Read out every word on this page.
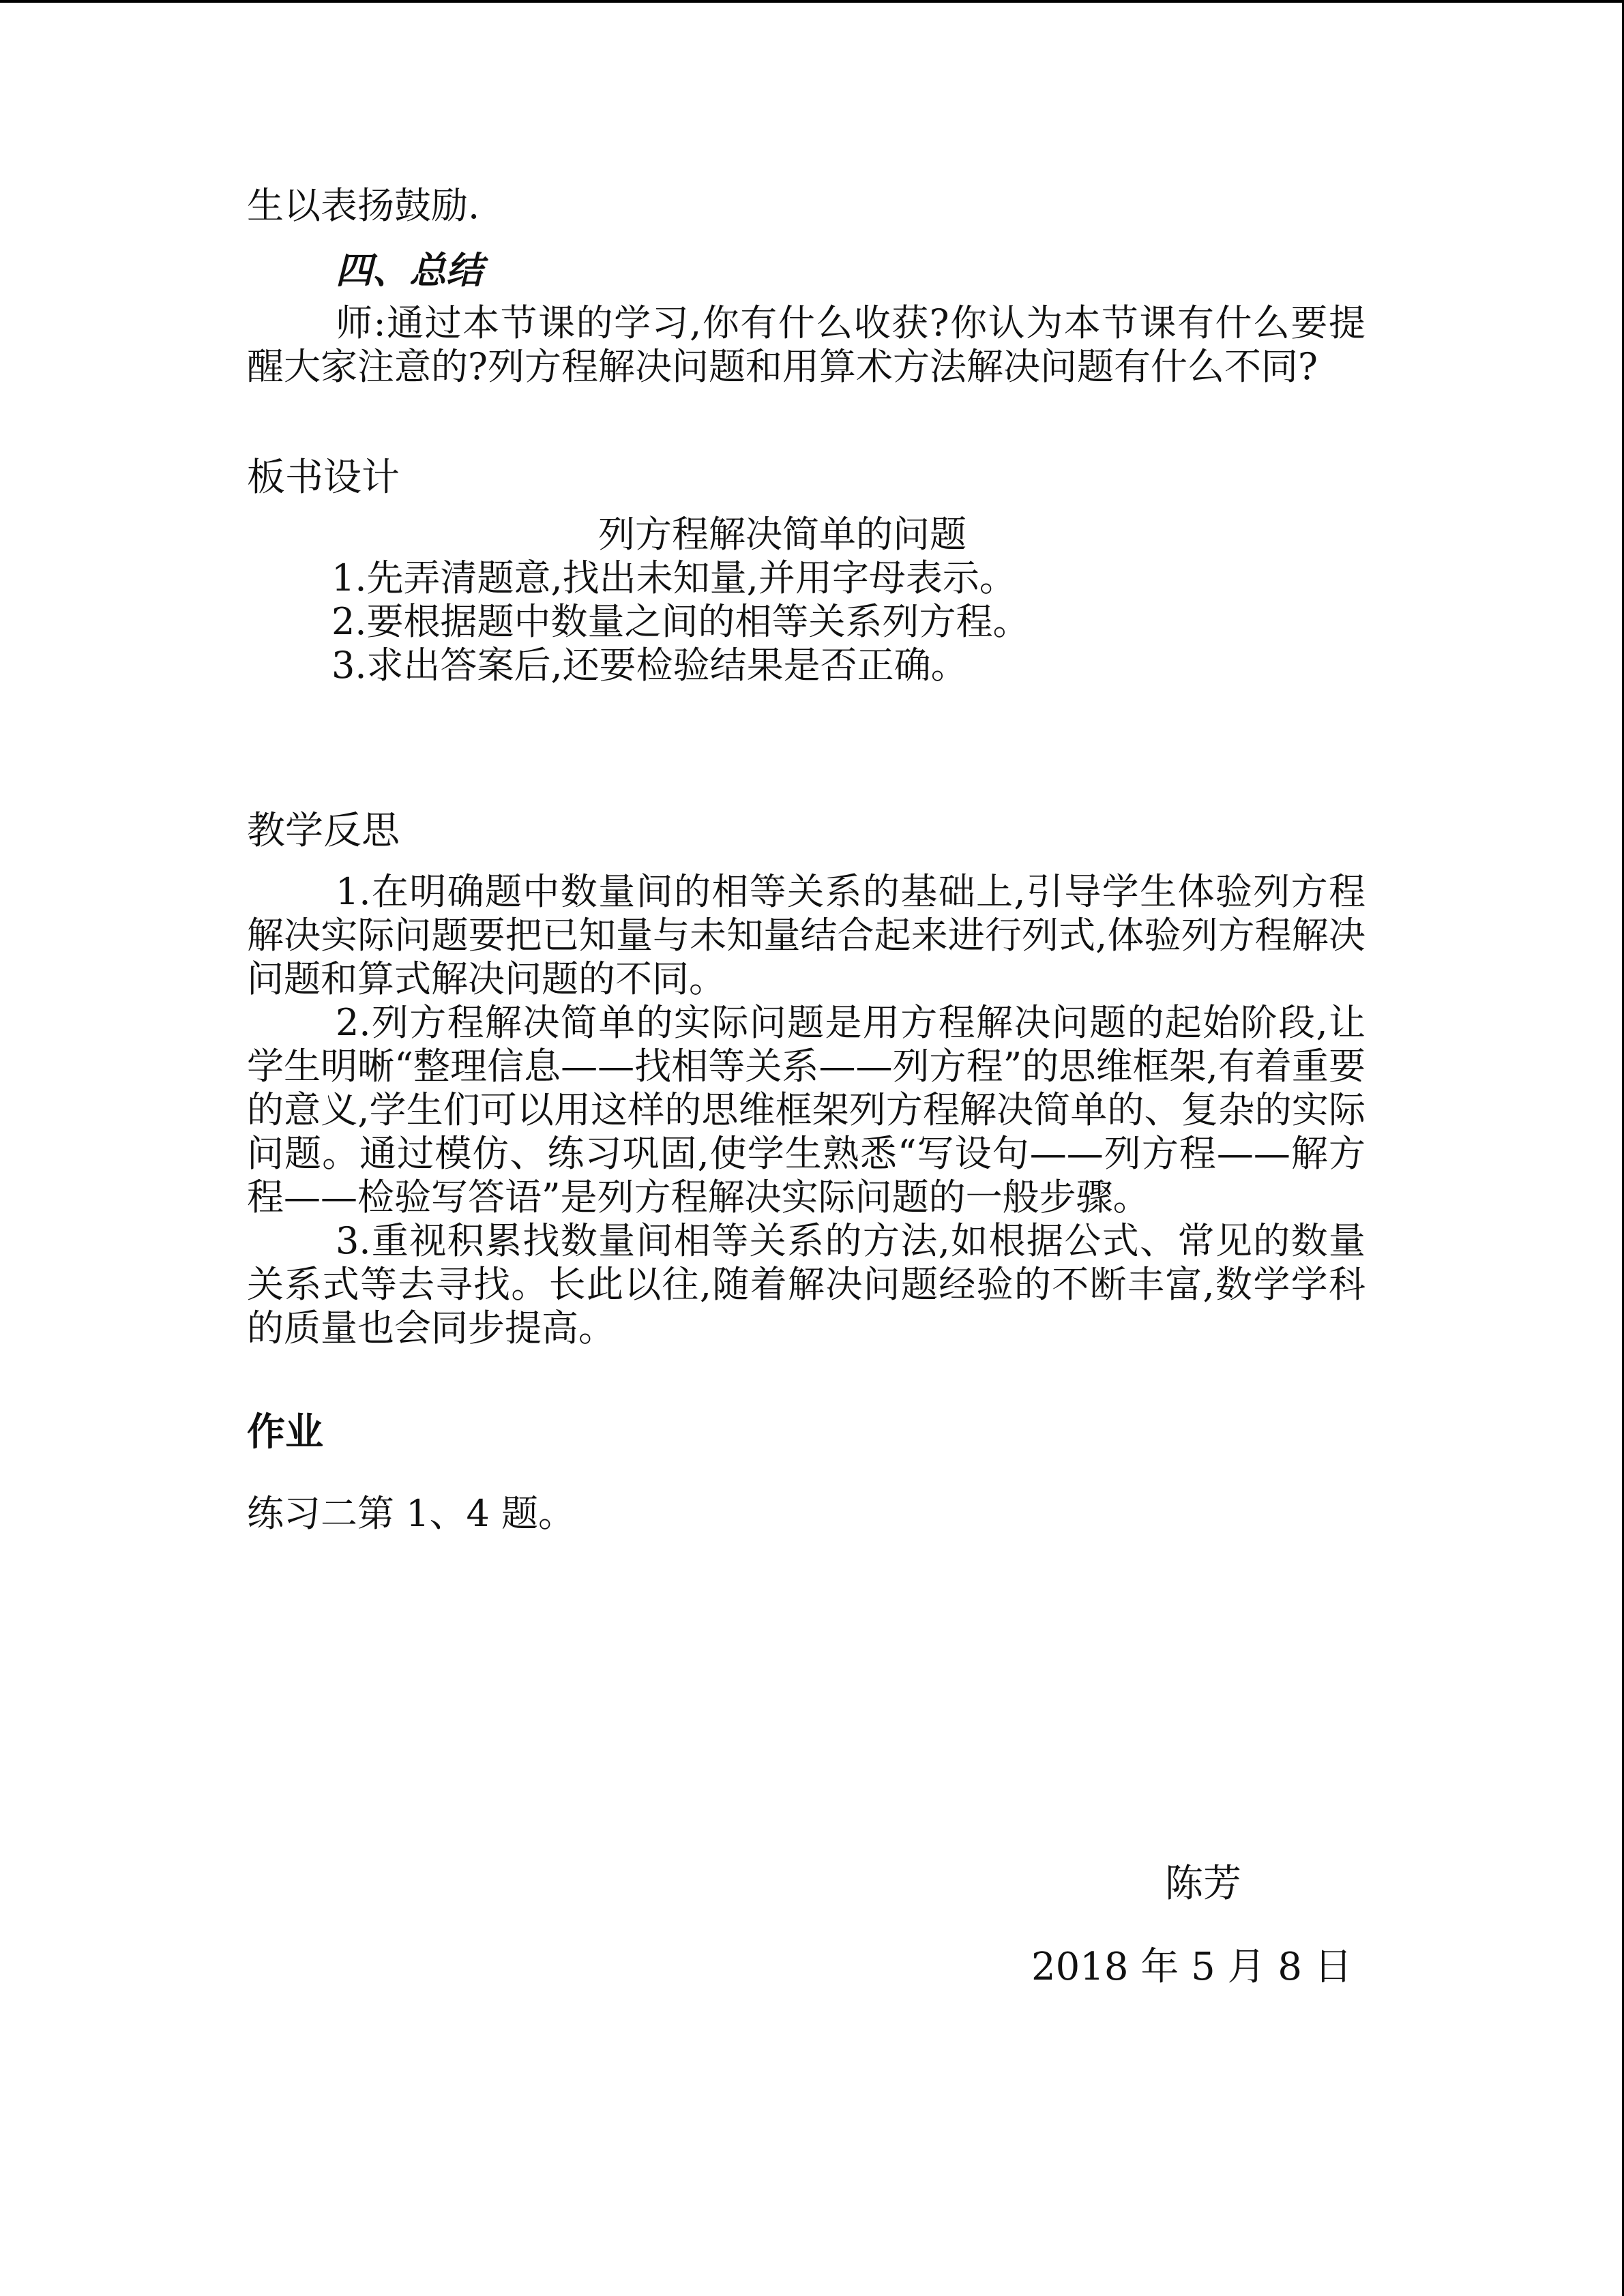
生以表扬鼓励.
四、总结
师:通过本节课的学习,你有什么收获?你认为本节课有什么要提醒大家注意的?列方程解决问题和用算术方法解决问题有什么不同?
板书设计
列方程解决简单的问题
1.先弄清题意,找出未知量,并用字母表示。
2.要根据题中数量之间的相等关系列方程。
3.求出答案后,还要检验结果是否正确。
教学反思
1.在明确题中数量间的相等关系的基础上,引导学生体验列方程解决实际问题要把已知量与未知量结合起来进行列式,体验列方程解决问题和算式解决问题的不同。
2.列方程解决简单的实际问题是用方程解决问题的起始阶段,让学生明晰“整理信息——找相等关系——列方程”的思维框架,有着重要的意义,学生们可以用这样的思维框架列方程解决简单的、复杂的实际问题。通过模仿、练习巩固,使学生熟悉“写设句——列方程——解方程——检验写答语”是列方程解决实际问题的一般步骤。
3.重视积累找数量间相等关系的方法,如根据公式、常见的数量关系式等去寻找。长此以往,随着解决问题经验的不断丰富,数学学科的质量也会同步提高。
作业
练习二第 1、4 题。
陈芳
2018 年 5 月 8 日
